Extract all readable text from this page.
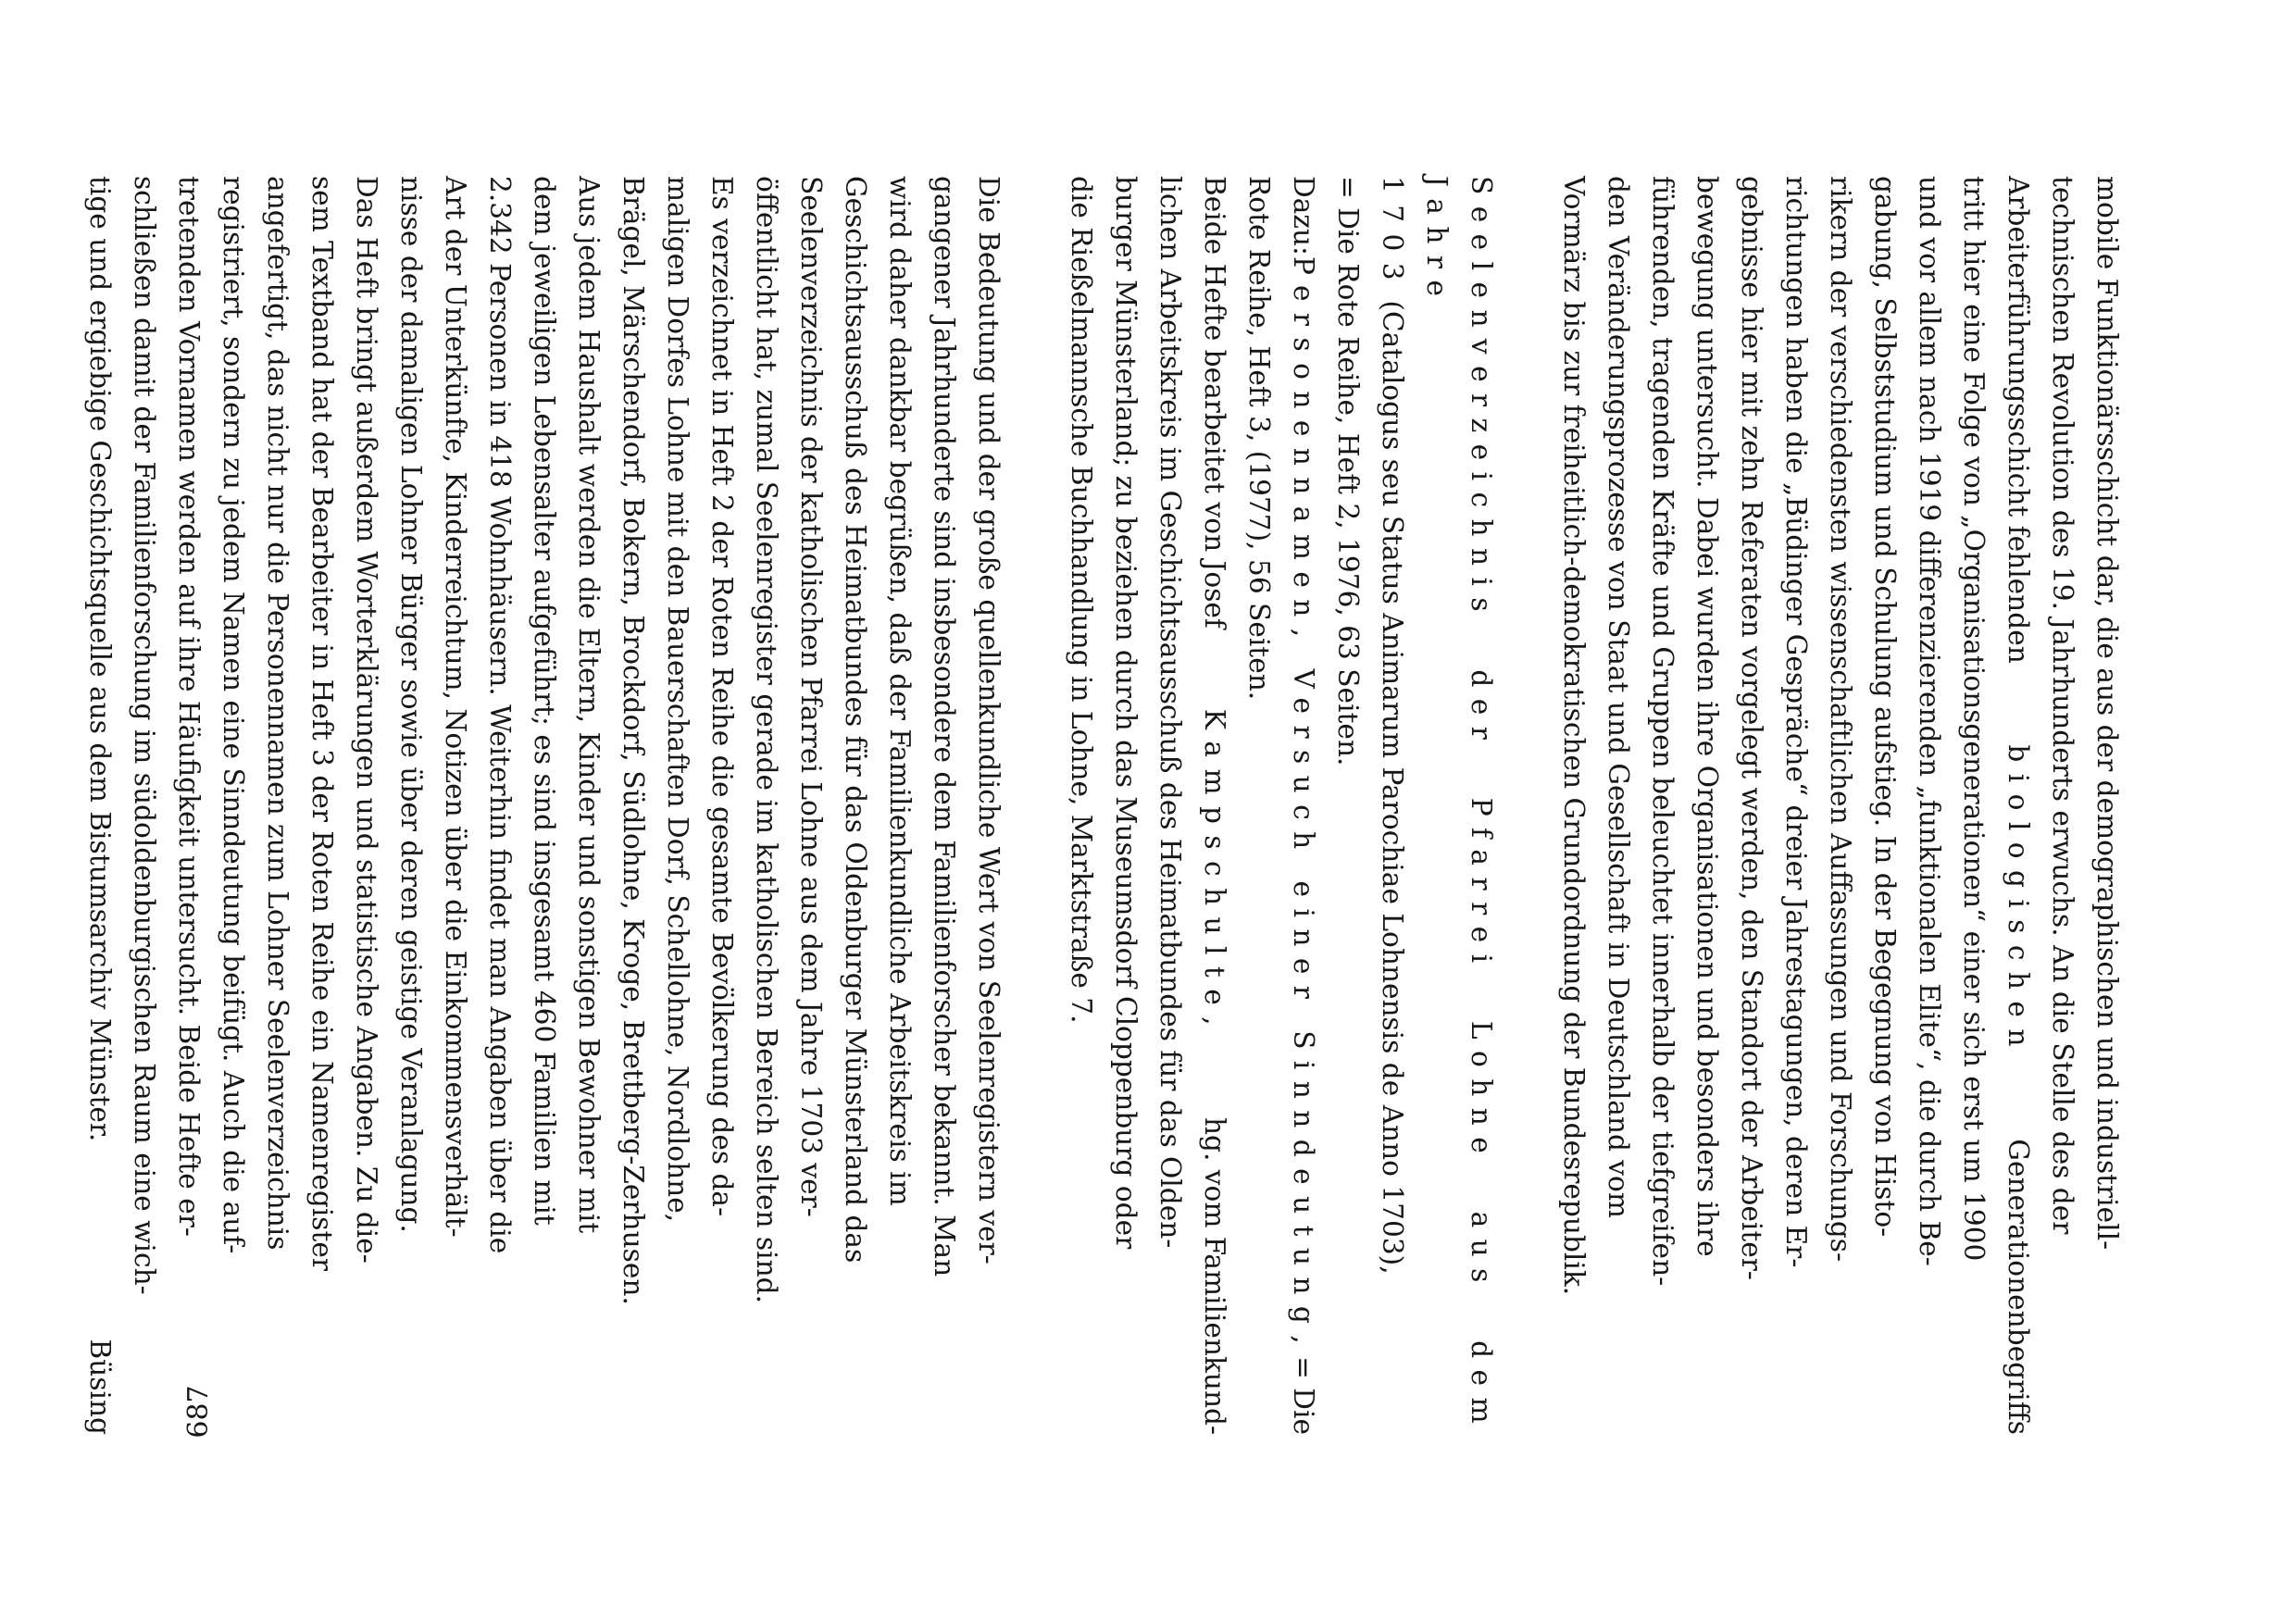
mobile Funktionärsschicht dar, die aus der demographischen und industriell-
technischen Revolution des 19. Jahrhunderts erwuchs. An die Stelle des der
Arbeiterführungsschicht fehlenden
biologischen
Generationenbegriffs
tritt hier eine Folge von „Organisationsgenerationen“ einer sich erst um 1900
und vor allem nach 1919 differenzierenden „funktionalen Elite“, die durch Be-
gabung, Selbststudium und Schulung aufstieg. In der Begegnung von Histo-
rikern der verschiedensten wissenschaftlichen Auffassungen und Forschungs-
richtungen haben die „Büdinger Gespräche“ dreier Jahrestagungen, deren Er-
gebnisse hier mit zehn Referaten vorgelegt werden, den Standort der Arbeiter-
bewegung untersucht. Dabei wurden ihre Organisationen und besonders ihre
führenden, tragenden Kräfte und Gruppen beleuchtet innerhalb der tiefgreifen-
den Veränderungsprozesse von Staat und Gesellschaft in Deutschland vom
Vormärz bis zur freiheitlich-demokratischen Grundordnung der Bundesrepublik.
Seelenverzeichnis der Pfarrei Lohne aus dem Jahre
1703 (Catalogus seu Status Animarum Parochiae Lohnensis de Anno 1703),
= Die Rote Reihe, Heft 2, 1976, 63 Seiten.
Dazu:
Personennamen, Versuch einer Sinndeutung,
= Die
Rote Reihe, Heft 3, (1977), 56 Seiten.
Beide Hefte bearbeitet von Josef
Kampschulte,
hg. vom Familienkund-
lichen Arbeitskreis im Geschichtsausschuß des Heimatbundes für das Olden-
burger Münsterland; zu beziehen durch das Museumsdorf Cloppenburg oder
die Rießelmannsche Buchhandlung in Lohne, Marktstraße 7.
Die Bedeutung und der große quellenkundliche Wert von Seelenregistern ver-
gangener Jahrhunderte sind insbesondere dem Familienforscher bekannt. Man
wird daher dankbar begrüßen, daß der Familienkundliche Arbeitskreis im
Geschichtsausschuß des Heimatbundes für das Oldenburger Münsterland das
Seelenverzeichnis der katholischen Pfarrei Lohne aus dem Jahre 1703 ver-
öffentlicht hat, zumal Seelenregister gerade im katholischen Bereich selten sind.
Es verzeichnet in Heft 2 der Roten Reihe die gesamte Bevölkerung des da-
maligen Dorfes Lohne mit den Bauerschaften Dorf, Schellohne, Nordlohne,
Brägel, Märschendorf, Bokern, Brockdorf, Südlohne, Kroge, Brettberg-Zerhusen.
Aus jedem Haushalt werden die Eltern, Kinder und sonstigen Bewohner mit
dem jeweiligen Lebensalter aufgeführt; es sind insgesamt 460 Familien mit
2.342 Personen in 418 Wohnhäusern. Weiterhin findet man Angaben über die
Art der Unterkünfte, Kinderreichtum, Notizen über die Einkommensverhält-
nisse der damaligen Lohner Bürger sowie über deren geistige Veranlagung.
Das Heft bringt außerdem Worterklärungen und statistische Angaben. Zu die-
sem Textband hat der Bearbeiter in Heft 3 der Roten Reihe ein Namenregister
angefertigt, das nicht nur die Personennamen zum Lohner Seelenverzeichnis
registriert, sondern zu jedem Namen eine Sinndeutung beifügt. Auch die auf-
tretenden Vornamen werden auf ihre Häufigkeit untersucht. Beide Hefte er-
schließen damit der Familienforschung im südoldenburgischen Raum eine wich-
tige und ergiebige Geschichtsquelle aus dem Bistumsarchiv Münster.
Büsing 687
